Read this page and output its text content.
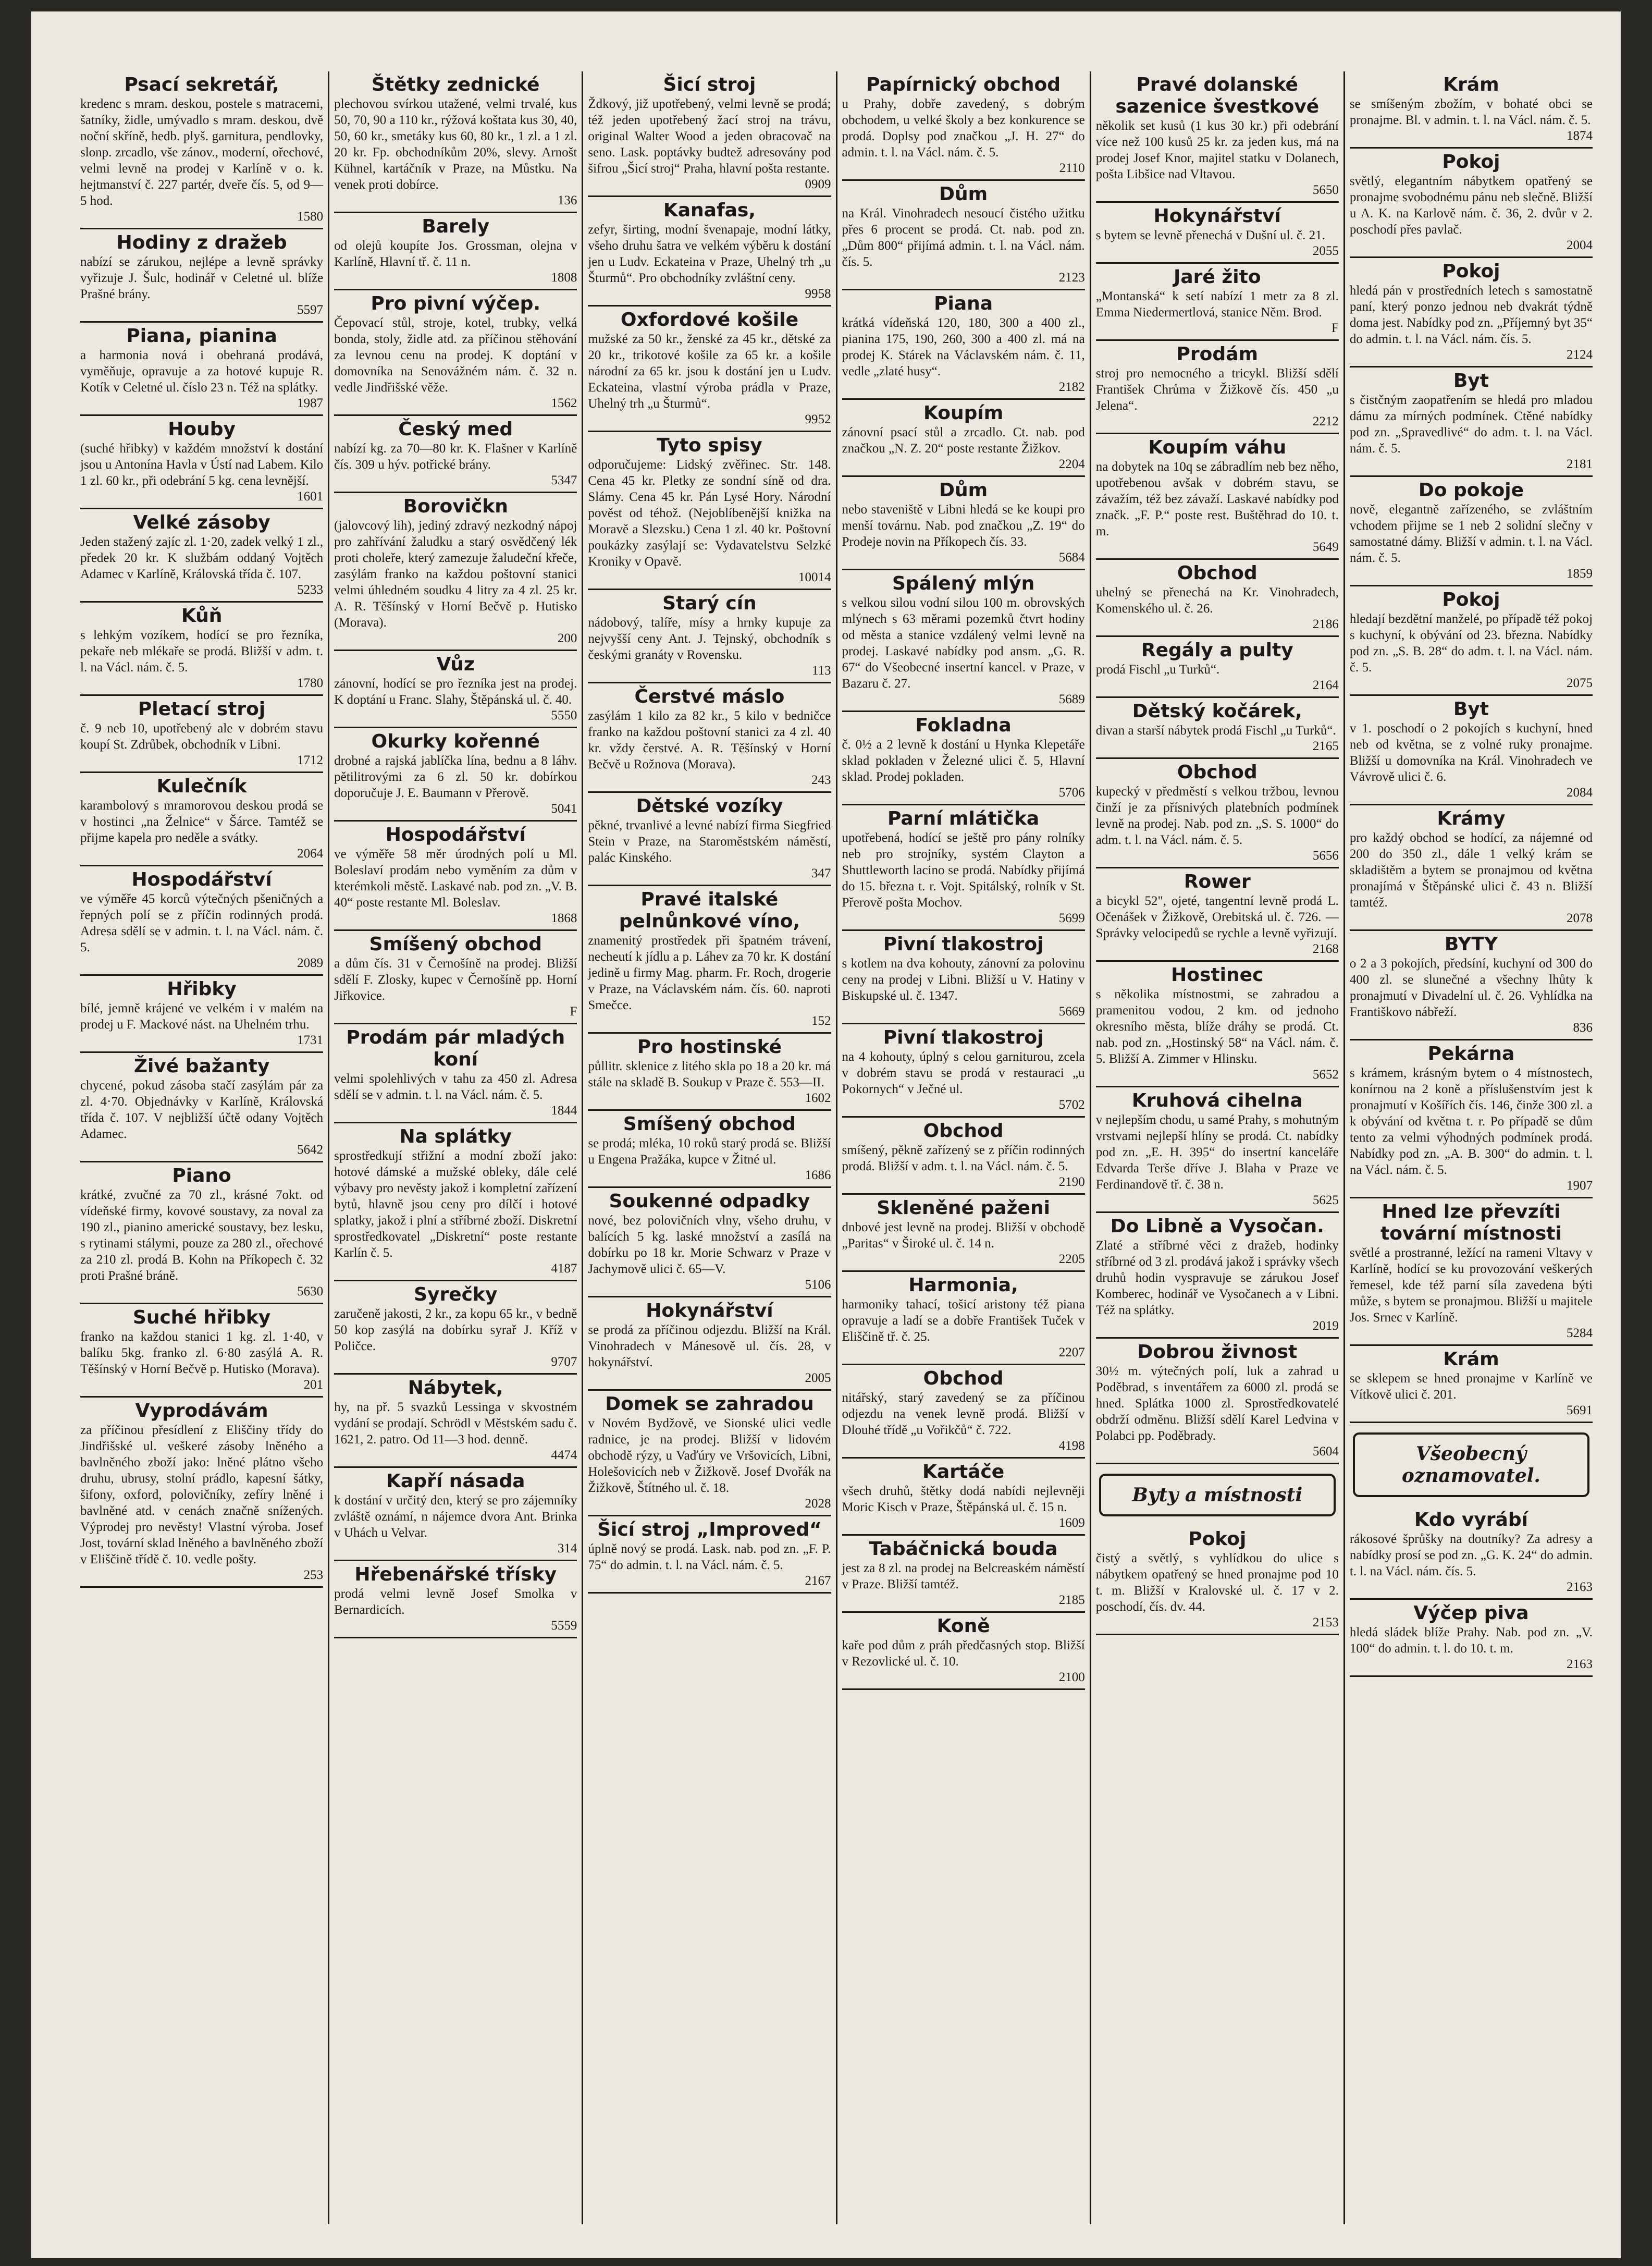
Psací sekretář,
kredenc s mram. deskou, postele s matracemi, šatníky, židle, umývadlo s mram. deskou, dvě noční skříně, hedb. plyš. garnitura, pendlovky, slonp. zrcadlo, vše zánov., moderní, ořechové, velmi levně na prodej v Karlíně v o. k. hejtmanství č. 227 partér, dveře čís. 5, od 9—5 hod.
1580
Hodiny z dražeb
nabízí se zárukou, nejlépe a levně správky vyřizuje J. Šulc, hodinář v Celetné ul. blíže Prašné brány.
5597
Piana, pianina
a harmonia nová i obehraná prodává, vyměňuje, opravuje a za hotové kupuje R. Kotík v Celetné ul. číslo 23 n. Též na splátky.
1987
Houby
(suché hřibky) v každém množství k dostání jsou u Antonína Havla v Ústí nad Labem. Kilo 1 zl. 60 kr., při odebrání 5 kg. cena levnější.
1601
Velké zásoby
Jeden stažený zajíc zl. 1·20, zadek velký 1 zl., předek 20 kr. K službám oddaný Vojtěch Adamec v Karlíně, Královská třída č. 107.
5233
Kůň
s lehkým vozíkem, hodící se pro řezníka, pekaře neb mlékaře se prodá. Bližší v adm. t. l. na Václ. nám. č. 5.
1780
Pletací stroj
č. 9 neb 10, upotřebený ale v dobrém stavu koupí St. Zdrůbek, obchodník v Libni.
1712
Kulečník
karambolový s mramorovou deskou prodá se v hostinci „na Želnice“ v Šárce. Tamtéž se přijme kapela pro neděle a svátky.
2064
Hospodářství
ve výměře 45 korců výtečných pšeničných a řepných polí se z příčin rodinných prodá. Adresa sdělí se v admin. t. l. na Václ. nám. č. 5.
2089
Hřibky
bílé, jemně krájené ve velkém i v malém na prodej u F. Mackové nást. na Uhelném trhu.
1731
Živé bažanty
chycené, pokud zásoba stačí zasýlám pár za zl. 4·70. Objednávky v Karlíně, Královská třída č. 107. V nejbližší účtě odany Vojtěch Adamec.
5642
Piano
krátké, zvučné za 70 zl., krásné 7okt. od vídeňské firmy, kovové soustavy, za noval za 190 zl., pianino americké soustavy, bez lesku, s rytinami stálymi, pouze za 280 zl., ořechové za 210 zl. prodá B. Kohn na Příkopech č. 32 proti Prašné bráně.
5630
Suché hřibky
franko na každou stanici 1 kg. zl. 1·40, v balíku 5kg. franko zl. 6·80 zasýlá A. R. Těšínský v Horní Bečvě p. Hutisko (Morava).
201
Vyprodávám
za příčinou přesídlení z Eliščiny třídy do Jindřišské ul. veškeré zásoby lněného a bavlněného zboží jako: lněné plátno všeho druhu, ubrusy, stolní prádlo, kapesní šátky, šifony, oxford, polovičníky, zefíry lněné i bavlněné atd. v cenách značně snížených. Výprodej pro nevěsty! Vlastní výroba. Josef Jost, tovární sklad lněného a bavlněného zboží v Eliščině třídě č. 10. vedle pošty.
253
Štětky zednické
plechovou svírkou utažené, velmi trvalé, kus 50, 70, 90 a 110 kr., rýžová koštata kus 30, 40, 50, 60 kr., smetáky kus 60, 80 kr., 1 zl. a 1 zl. 20 kr. Fp. obchodníkům 20%, slevy. Arnošt Kühnel, kartáčník v Praze, na Můstku. Na venek proti dobírce.
136
Barely
od olejů koupíte Jos. Grossman, olejna v Karlíně, Hlavní tř. č. 11 n.
1808
Pro pivní výčep.
Čepovací stůl, stroje, kotel, trubky, velká bonda, stoly, židle atd. za příčinou stěhování za levnou cenu na prodej. K doptání v domovníka na Senovážném nám. č. 32 n. vedle Jindřišské věže.
1562
Český med
nabízí kg. za 70—80 kr. K. Flašner v Karlíně čís. 309 u hýv. potřické brány.
5347
Borovičkn
(jalovcový lih), jediný zdravý nezkodný nápoj pro zahřívání žaludku a starý osvědčený lék proti choleře, který zamezuje žaludeční křeče, zasýlám franko na každou poštovní stanici velmi úhledném soudku 4 litry za 4 zl. 25 kr. A. R. Těšínský v Horní Bečvě p. Hutisko (Morava).
200
Vůz
zánovní, hodící se pro řezníka jest na prodej. K doptání u Franc. Slahy, Štěpánská ul. č. 40.
5550
Okurky kořenné
drobné a rajská jablíčka lína, bednu a 8 láhv. pětilitrovými za 6 zl. 50 kr. dobírkou doporučuje J. E. Baumann v Přerově.
5041
Hospodářství
ve výměře 58 měr úrodných polí u Ml. Boleslaví prodám nebo vyměním za dům v kterémkoli městě. Laskavé nab. pod zn. „V. B. 40“ poste restante Ml. Boleslav.
1868
Smíšený obchod
a dům čís. 31 v Černošíně na prodej. Bližší sdělí F. Zlosky, kupec v Černošíně pp. Horní Jiřkovice.
F
Prodám pár mladých koní
velmi spolehlivých v tahu za 450 zl. Adresa sdělí se v admin. t. l. na Václ. nám. č. 5.
1844
Na splátky
sprostředkují střižní a modní zboží jako: hotové dámské a mužské obleky, dále celé výbavy pro nevěsty jakož i kompletní zařízení bytů, hlavně jsou ceny pro dílčí i hotové splatky, jakož i plní a stříbrné zboží. Diskretní sprostředkovatel „Diskretní“ poste restante Karlín č. 5.
4187
Syrečky
zaručeně jakosti, 2 kr., za kopu 65 kr., v bedně 50 kop zasýlá na dobírku syrař J. Kříž v Poličce.
9707
Nábytek,
hy, na př. 5 svazků Lessinga v skvostném vydání se prodají. Schrödl v Městském sadu č. 1621, 2. patro. Od 11—3 hod. denně.
4474
Kapří násada
k dostání v určitý den, který se pro zájemníky zvláště oznámí, n nájemce dvora Ant. Brinka v Uhách u Velvar.
314
Hřebenářské třísky
prodá velmi levně Josef Smolka v Bernardicích.
5559
Šicí stroj
Ždkový, již upotřebený, velmi levně se prodá; též jeden upotřebený žací stroj na trávu, original Walter Wood a jeden obracovač na seno. Lask. poptávky budtež adresovány pod šifrou „Šicí stroj“ Praha, hlavní pošta restante.
0909
Kanafas,
zefyr, širting, modní švenapaje, modní látky, všeho druhu šatra ve velkém výběru k dostání jen u Ludv. Eckateina v Praze, Uhelný trh „u Šturmů“. Pro obchodníky zvláštní ceny.
9958
Oxfordové košile
mužské za 50 kr., ženské za 45 kr., dětské za 20 kr., trikotové košile za 65 kr. a košile národní za 65 kr. jsou k dostání jen u Ludv. Eckateina, vlastní výroba prádla v Praze, Uhelný trh „u Šturmů“.
9952
Tyto spisy
odporučujeme: Lidský zvěřinec. Str. 148. Cena 45 kr. Pletky ze sondní síně od dra. Slámy. Cena 45 kr. Pán Lysé Hory. Národní pověst od téhož. (Nejoblíbenější knižka na Moravě a Slezsku.) Cena 1 zl. 40 kr. Poštovní poukázky zasýlají se: Vydavatelstvu Selzké Kroniky v Opavě.
10014
Starý cín
nádobový, talíře, mísy a hrnky kupuje za nejvyšší ceny Ant. J. Tejnský, obchodník s českými granáty v Rovensku.
113
Čerstvé máslo
zasýlám 1 kilo za 82 kr., 5 kilo v bedničce franko na každou poštovní stanici za 4 zl. 40 kr. vždy čerstvé. A. R. Těšínský v Horní Bečvě u Rožnova (Morava).
243
Dětské vozíky
pěkné, trvanlivé a levné nabízí firma Siegfried Stein v Praze, na Staroměstském náměstí, palác Kinského.
347
Pravé italské pelnůnkové víno,
znamenitý prostředek při špatném trávení, necheutí k jídlu a p. Láhev za 70 kr. K dostání jedině u firmy Mag. pharm. Fr. Roch, drogerie v Praze, na Václavském nám. čís. 60. naproti Smečce.
152
Pro hostinské
půllitr. sklenice z litého skla po 18 a 20 kr. má stále na skladě B. Soukup v Praze č. 553—II.
1602
Smíšený obchod
se prodá; mléka, 10 roků starý prodá se. Bližší u Engena Pražáka, kupce v Žitné ul.
1686
Soukenné odpadky
nové, bez polovičních vlny, všeho druhu, v balících 5 kg. laské množství a zasílá na dobírku po 18 kr. Morie Schwarz v Praze v Jachymově ulici č. 65—V.
5106
Hokynářství
se prodá za příčinou odjezdu. Bližší na Král. Vinohradech v Mánesově ul. čís. 28, v hokynářství.
2005
Domek se zahradou
v Novém Bydžově, ve Sionské ulici vedle radnice, je na prodej. Bližší v lidovém obchodě rýzy, u Vaďúry ve Vršovicích, Libni, Holešovicích neb v Žižkově. Josef Dvořák na Žižkově, Štítného ul. č. 18.
2028
Šicí stroj „Improved“
úplně nový se prodá. Lask. nab. pod zn. „F. P. 75“ do admin. t. l. na Václ. nám. č. 5.
2167
Papírnický obchod
u Prahy, dobře zavedený, s dobrým obchodem, u velké školy a bez konkurence se prodá. Doplsy pod značkou „J. H. 27“ do admin. t. l. na Václ. nám. č. 5.
2110
Dům
na Král. Vinohradech nesoucí čistého užitku přes 6 procent se prodá. Ct. nab. pod zn. „Dům 800“ přijímá admin. t. l. na Václ. nám. čís. 5.
2123
Piana
krátká vídeňská 120, 180, 300 a 400 zl., pianina 175, 190, 260, 300 a 400 zl. má na prodej K. Stárek na Václavském nám. č. 11, vedle „zlaté husy“.
2182
Koupím
zánovní psací stůl a zrcadlo. Ct. nab. pod značkou „N. Z. 20“ poste restante Žižkov.
2204
Dům
nebo staveniště v Libni hledá se ke koupi pro menší továrnu. Nab. pod značkou „Z. 19“ do Prodeje novin na Příkopech čís. 33.
5684
Spálený mlýn
s velkou silou vodní silou 100 m. obrovských mlýnech s 63 měrami pozemků čtvrt hodiny od města a stanice vzdálený velmi levně na prodej. Laskavé nabídky pod ansm. „G. R. 67“ do Všeobecné insertní kancel. v Praze, v Bazaru č. 27.
5689
Fokladna
č. 0½ a 2 levně k dostání u Hynka Klepetáře sklad pokladen v Železné ulici č. 5, Hlavní sklad. Prodej pokladen.
5706
Parní mlátička
upotřebená, hodící se ještě pro pány rolníky neb pro strojníky, systém Clayton a Shuttleworth lacino se prodá. Nabídky přijímá do 15. března t. r. Vojt. Spitálský, rolník v St. Přerově pošta Mochov.
5699
Pivní tlakostroj
s kotlem na dva kohouty, zánovní za polovinu ceny na prodej v Libni. Bližší u V. Hatiny v Biskupské ul. č. 1347.
5669
Pivní tlakostroj
na 4 kohouty, úplný s celou garniturou, zcela v dobrém stavu se prodá v restauraci „u Pokornych“ v Ječné ul.
5702
Obchod
smíšený, pěkně zařízený se z příčin rodinných prodá. Bližší v adm. t. l. na Václ. nám. č. 5.
2190
Skleněné paženi
dnbové jest levně na prodej. Bližší v obchodě „Paritas“ v Široké ul. č. 14 n.
2205
Harmonia,
harmoniky tahací, tošicí aristony též piana opravuje a ladí se a dobře František Tuček v Eliščině tř. č. 25.
2207
Obchod
nitářský, starý zavedený se za příčinou odjezdu na venek levně prodá. Bližší v Dlouhé třídě „u Vořikčů“ č. 722.
4198
Kartáče
všech druhů, štětky dodá nabídi nejlevněji Moric Kisch v Praze, Štěpánská ul. č. 15 n.
1609
Tabáčnická bouda
jest za 8 zl. na prodej na Belcreaském náměstí v Praze. Bližší tamtéž.
2185
Koně
kaře pod dům z práh předčasných stop. Bližší v Rezovlické ul. č. 10.
2100
Pravé dolanské sazenice švestkové
několik set kusů (1 kus 30 kr.) při odebrání více než 100 kusů 25 kr. za jeden kus, má na prodej Josef Knor, majitel statku v Dolanech, pošta Libšice nad Vltavou.
5650
Hokynářství
s bytem se levně přenechá v Dušní ul. č. 21.
2055
Jaré žito
„Montanská“ k setí nabízí 1 metr za 8 zl. Emma Niedermertlová, stanice Něm. Brod.
F
Prodám
stroj pro nemocného a tricykl. Bližší sdělí František Chrůma v Žižkově čís. 450 „u Jelena“.
2212
Koupím váhu
na dobytek na 10q se zábradlím neb bez něho, upotřebenou avšak v dobrém stavu, se závažím, též bez závaží. Laskavé nabídky pod značk. „F. P.“ poste rest. Buštěhrad do 10. t. m.
5649
Obchod
uhelný se přenechá na Kr. Vinohradech, Komenského ul. č. 26.
2186
Regály a pulty
prodá Fischl „u Turků“.
2164
Dětský kočárek,
divan a starší nábytek prodá Fischl „u Turků“.
2165
Obchod
kupecký v předměstí s velkou tržbou, levnou činží je za přísnivých platebních podmínek levně na prodej. Nab. pod zn. „S. S. 1000“ do adm. t. l. na Václ. nám. č. 5.
5656
Rower
a bicykl 52", ojeté, tangentní levně prodá L. Očenášek v Žižkově, Orebitská ul. č. 726. — Správky velocipedů se rychle a levně vyřizují.
2168
Hostinec
s několika místnostmi, se zahradou a pramenitou vodou, 2 km. od jednoho okresního města, blíže dráhy se prodá. Ct. nab. pod zn. „Hostinský 58“ na Václ. nám. č. 5. Bližší A. Zimmer v Hlinsku.
5652
Kruhová cihelna
v nejlepším chodu, u samé Prahy, s mohutným vrstvami nejlepší hlíny se prodá. Ct. nabídky pod zn. „E. H. 395“ do insertní kanceláře Edvarda Terše dříve J. Blaha v Praze ve Ferdinandově tř. č. 38 n.
5625
Do Libně a Vysočan.
Zlaté a stříbrné věci z dražeb, hodinky stříbrné od 3 zl. prodává jakož i správky všech druhů hodin vyspravuje se zárukou Josef Komberec, hodinář ve Vysočanech a v Libni. Též na splátky.
2019
Dobrou živnost
30½ m. výtečných polí, luk a zahrad u Poděbrad, s inventářem za 6000 zl. prodá se hned. Splátka 1000 zl. Sprostředkovatelé obdrží odměnu. Bližší sdělí Karel Ledvina v Polabci pp. Poděbrady.
5604
Byty a místnosti
Pokoj
čistý a světlý, s vyhlídkou do ulice s nábytkem opatřený se hned pronajme pod 10 t. m. Bližší v Kralovské ul. č. 17 v 2. poschodí, čís. dv. 44.
2153
Krám
se smíšeným zbožím, v bohaté obci se pronajme. Bl. v admin. t. l. na Václ. nám. č. 5.
1874
Pokoj
světlý, elegantním nábytkem opatřený se pronajme svobodnému pánu neb slečně. Bližší u A. K. na Karlově nám. č. 36, 2. dvůr v 2. poschodí přes pavlač.
2004
Pokoj
hledá pán v prostředních letech s samostatně paní, který ponzo jednou neb dvakrát týdně doma jest. Nabídky pod zn. „Příjemný byt 35“ do admin. t. l. na Václ. nám. čís. 5.
2124
Byt
s čistčným zaopatřením se hledá pro mladou dámu za mírných podmínek. Ctěné nabídky pod zn. „Spravedlivé“ do adm. t. l. na Václ. nám. č. 5.
2181
Do pokoje
nově, elegantně zařízeného, se zvláštním vchodem přijme se 1 neb 2 solidní slečny v samostatné dámy. Bližší v admin. t. l. na Václ. nám. č. 5.
1859
Pokoj
hledají bezdětní manželé, po případě též pokoj s kuchyní, k obývání od 23. března. Nabídky pod zn. „S. B. 28“ do adm. t. l. na Václ. nám. č. 5.
2075
Byt
v 1. poschodí o 2 pokojích s kuchyní, hned neb od května, se z volné ruky pronajme. Bližší u domovníka na Král. Vinohradech ve Vávrově ulici č. 6.
2084
Krámy
pro každý obchod se hodící, za nájemné od 200 do 350 zl., dále 1 velký krám se skladištěm a bytem se pronajmou od května pronajímá v Štěpánské ulici č. 43 n. Bližší tamtéž.
2078
BYTY
o 2 a 3 pokojích, předsíní, kuchyní od 300 do 400 zl. se slunečné a všechny lhůty k pronajmutí v Divadelní ul. č. 26. Vyhlídka na Františkovo nábřeží.
836
Pekárna
s krámem, krásným bytem o 4 místnostech, konírnou na 2 koně a příslušenstvím jest k pronajmutí v Košířích čís. 146, činže 300 zl. a k obývání od května t. r. Po případě se dům tento za velmi výhodných podmínek prodá. Nabídky pod zn. „A. B. 300“ do admin. t. l. na Václ. nám. č. 5.
1907
Hned lze převzíti tovární místnosti
světlé a prostranné, ležící na rameni Vltavy v Karlíně, hodící se ku provozování veškerých řemesel, kde též parní síla zavedena býti může, s bytem se pronajmou. Bližší u majitele Jos. Srnec v Karlíně.
5284
Krám
se sklepem se hned pronajme v Karlíně ve Vítkově ulici č. 201.
5691
Všeobecný oznamovatel.
Kdo vyrábí
rákosové šprůšky na doutníky? Za adresy a nabídky prosí se pod zn. „G. K. 24“ do admin. t. l. na Václ. nám. čís. 5.
2163
Výčep piva
hledá sládek blíže Prahy. Nab. pod zn. „V. 100“ do admin. t. l. do 10. t. m.
2163
